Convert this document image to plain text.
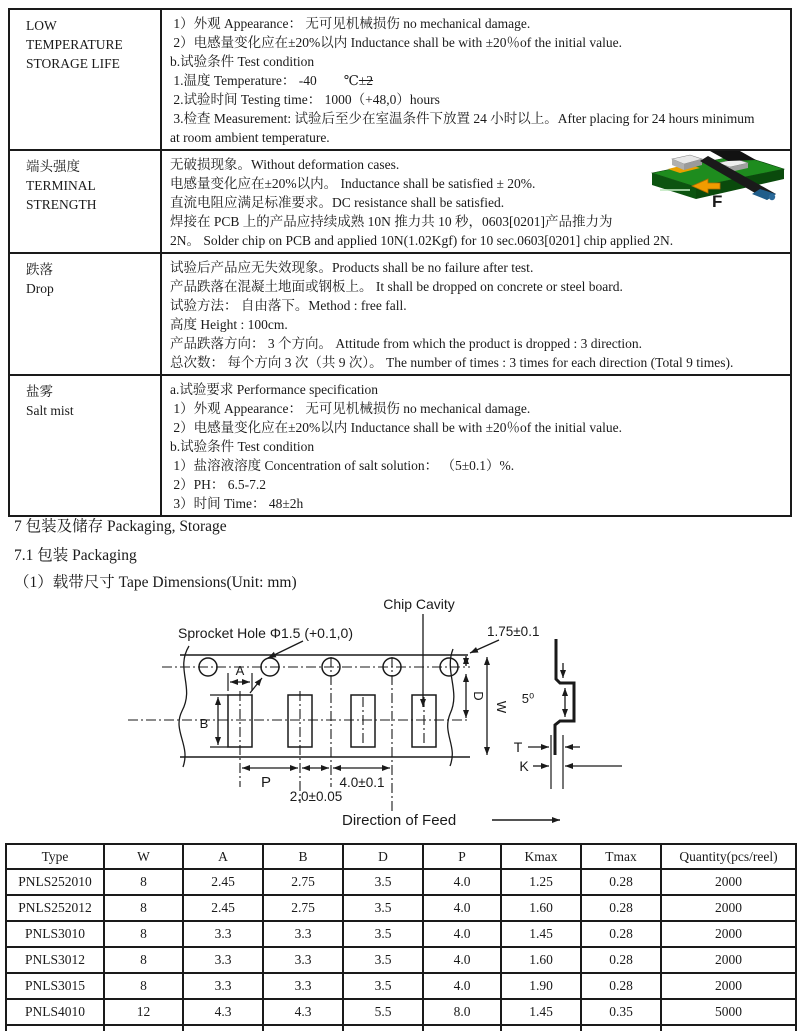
LOW
TEMPERATURE
STORAGE LIFE

1）外观 Appearance： 无可见机械损伤 no mechanical damage.
2）电感量变化应在±20%以内 Inductance shall be with ±20％of the initial value.
b.试验条件 Test condition
1.温度 Temperature： -40        ℃±2
2.试验时间 Testing time： 1000（+48,0）hours
3.检查 Measurement: 试验后至少在室温条件下放置 24 小时以上。After placing for 24 hours minimum
at room ambient temperature.

端头强度
TERMINAL
STRENGTH

无破损现象。Without deformation cases.
电感量变化应在±20%以内。 Inductance shall be satisfied ± 20%.
直流电阻应满足标准要求。DC resistance shall be satisfied.
焊接在 PCB 上的产品应持续成熟 10N 推力共 10 秒，0603[0201]产品推力为
2N。 Solder chip on PCB and applied 10N(1.02Kgf) for 10 sec.0603[0201] chip applied 2N.

跌落
Drop

试验后产品应无失效现象。Products shall be no failure after test.
产品跌落在混凝土地面或钢板上。 It shall be dropped on concrete or steel board.
试验方法： 自由落下。Method : free fall.
高度 Height : 100cm.
产品跌落方向： 3 个方向。 Attitude from which the product is dropped : 3 direction.
总次数： 每个方向 3 次（共 9 次）。 The number of times : 3 times for each direction (Total 9 times).

盐雾
Salt mist

a.试验要求 Performance specification
1）外观 Appearance： 无可见机械损伤 no mechanical damage.
2）电感量变化应在±20%以内 Inductance shall be with ±20％of the initial value.
b.试验条件 Test condition
1）盐溶液溶度 Concentration of salt solution： （5±0.1）%.
2）PH： 6.5-7.2
3）时间 Time： 48±2h
F
7 包装及储存 Packaging, Storage
7.1 包装 Packaging
（1）载带尺寸 Tape Dimensions(Unit: mm)
Sprocket Hole Φ1.5 (+0.1,0)
Chip Cavity
1.75±0.1
A
B
D
W
P
2.0±0.05
4.0±0.1
5⁰
T
K
Direction of Feed
Type	W	A	B	D	P	Kmax	Tmax	Quantity(pcs/reel)
PNLS252010	8	2.45	2.75	3.5	4.0	1.25	0.28	2000
PNLS252012	8	2.45	2.75	3.5	4.0	1.60	0.28	2000
PNLS3010	8	3.3	3.3	3.5	4.0	1.45	0.28	2000
PNLS3012	8	3.3	3.3	3.5	4.0	1.60	0.28	2000
PNLS3015	8	3.3	3.3	3.5	4.0	1.90	0.28	2000
PNLS4010	12	4.3	4.3	5.5	8.0	1.45	0.35	5000
